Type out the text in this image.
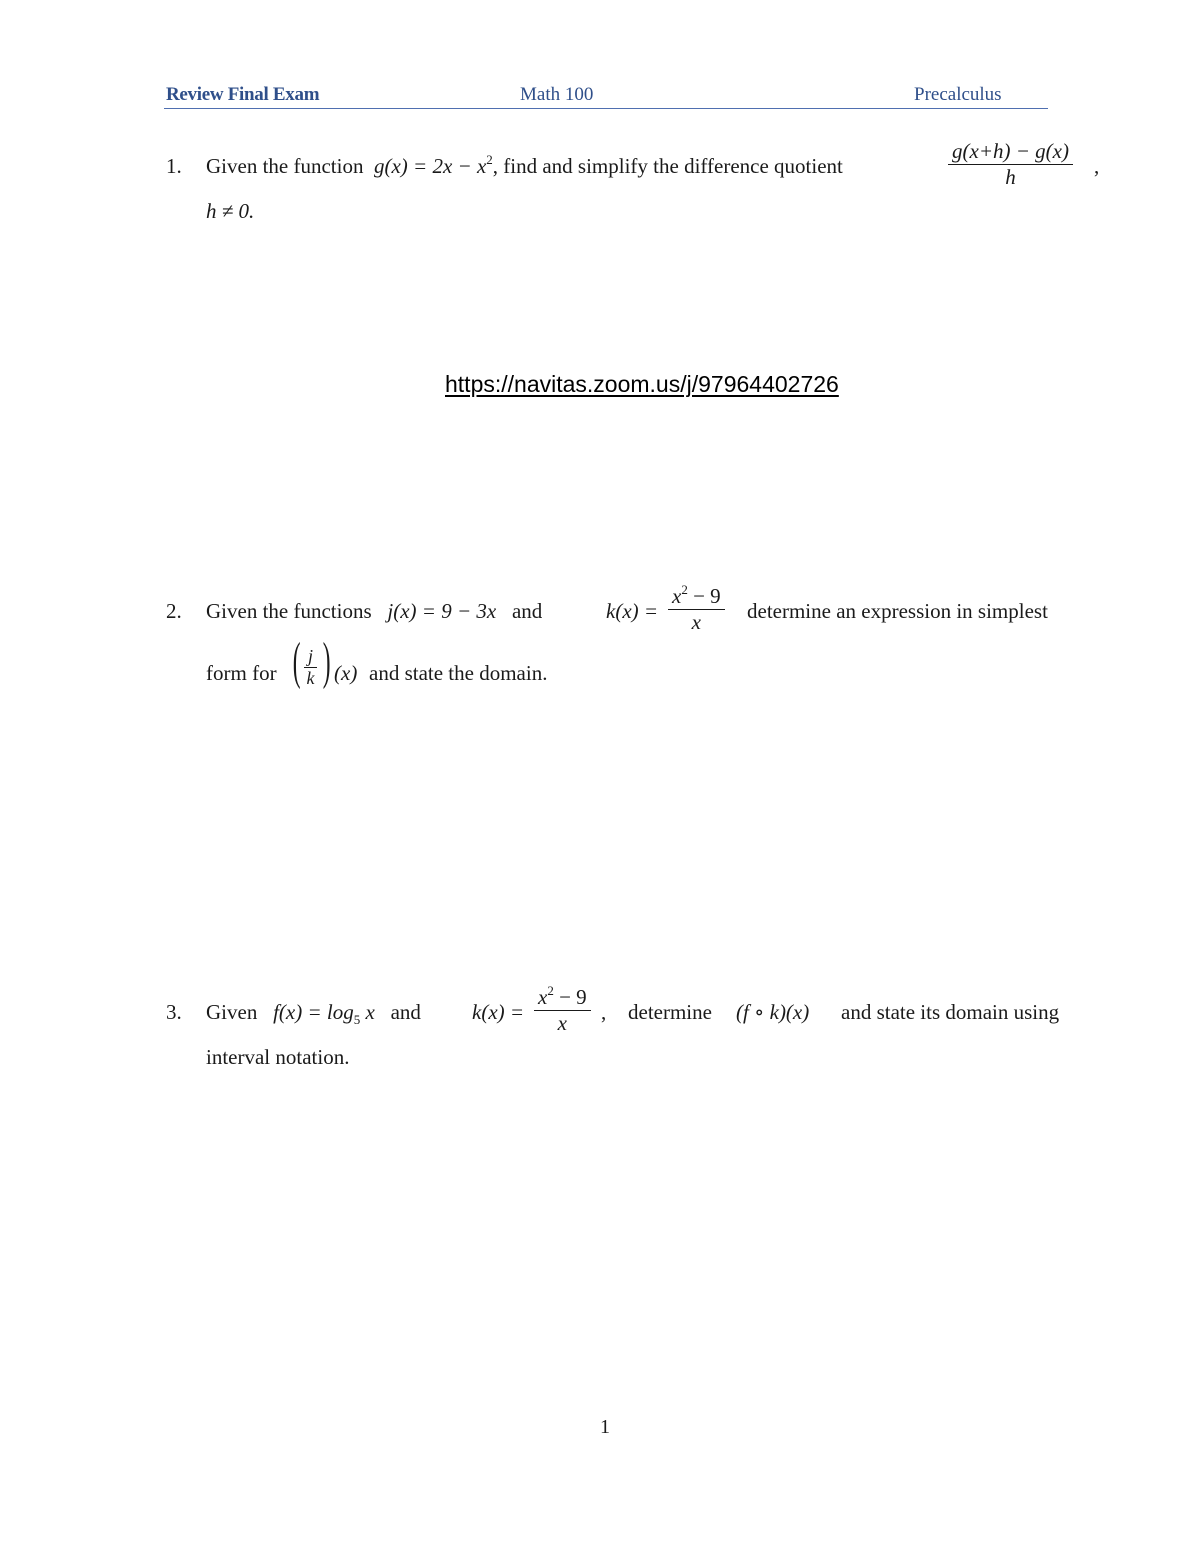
Review Final Exam	Math 100	Precalculus
1. Given the function $g(x) = 2x - x^2$, find and simplify the difference quotient
g(x+h) − g(x)
h	,
h ≠ 0.
https://navitas.zoom.us/j/97964402726
2. Given the functions j(x) = 9 − 3x and	k(x) =
$x^2 - 9$
x	determine an expression in simplest
form for ( j
k ) (x) and state the domain.
3. Given $f(x) = \log_5 x$ and k(x) =
$x^2 - 9$
x	, determine (f ∘ k)(x) and state its domain using
interval notation.
1
